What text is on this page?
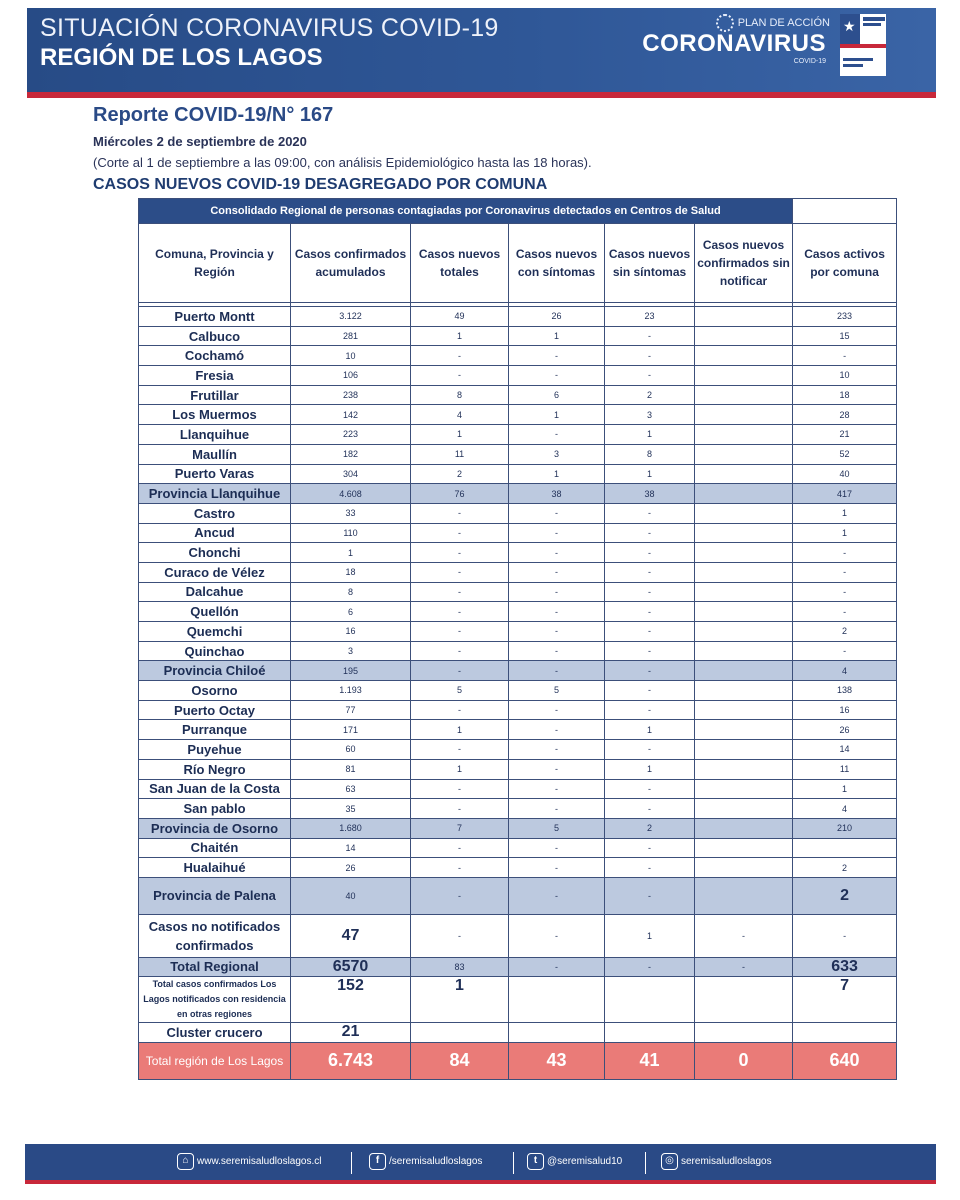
SITUACIÓN CORONAVIRUS COVID-19
REGIÓN DE LOS LAGOS
PLAN DE ACCIÓN
CORONAVIRUS
COVID-19
★
Reporte COVID-19/N° 167
Miércoles 2 de septiembre de 2020
(Corte al 1 de septiembre a las 09:00, con análisis Epidemiológico hasta las 18 horas).
CASOS NUEVOS COVID-19 DESAGREGADO POR COMUNA
Consolidado Regional de personas contagiadas por Coronavirus detectados en Centros de Salud						
Comuna, Provincia y Región	Casos confirmados acumulados	Casos nuevos totales	Casos nuevos con síntomas	Casos nuevos sin síntomas	Casos nuevos confirmados sin notificar	Casos activos por comuna

Puerto Montt	3.122	49	26	23		233
Calbuco	281	1	1	-		15
Cochamó	10	-	-	-		-
Fresia	106	-	-	-		10
Frutillar	238	8	6	2		18
Los Muermos	142	4	1	3		28
Llanquihue	223	1	-	1		21
Maullín	182	11	3	8		52
Puerto Varas	304	2	1	1		40
Provincia Llanquihue	4.608	76	38	38		417
Castro	33	-	-	-		1
Ancud	110	-	-	-		1
Chonchi	1	-	-	-		-
Curaco de Vélez	18	-	-	-		-
Dalcahue	8	-	-	-		-
Quellón	6	-	-	-		-
Quemchi	16	-	-	-		2
Quinchao	3	-	-	-		-
Provincia Chiloé	195	-	-	-		4
Osorno	1.193	5	5	-		138
Puerto Octay	77	-	-	-		16
Purranque	171	1	-	1		26
Puyehue	60	-	-	-		14
Río Negro	81	1	-	1		11
San Juan de la Costa	63	-	-	-		1
San pablo	35	-	-	-		4
Provincia de Osorno	1.680	7	5	2		210
Chaitén	14	-	-	-		
Hualaihué	26	-	-	-		2
Provincia de Palena	40	-	-	-		2
Casos no notificados confirmados	47	-	-	1	-	-
Total Regional	6570	83	-	-	-	633
Total casos confirmados Los Lagos notificados con residencia en otras regiones	152	1				7
Cluster crucero	21					
Total región de Los Lagos	6.743	84	43	41	0	640
⌂ www.seremisaludloslagos.cl	f /seremisaludloslagos	t @seremisalud10	◎ seremisaludloslagos
